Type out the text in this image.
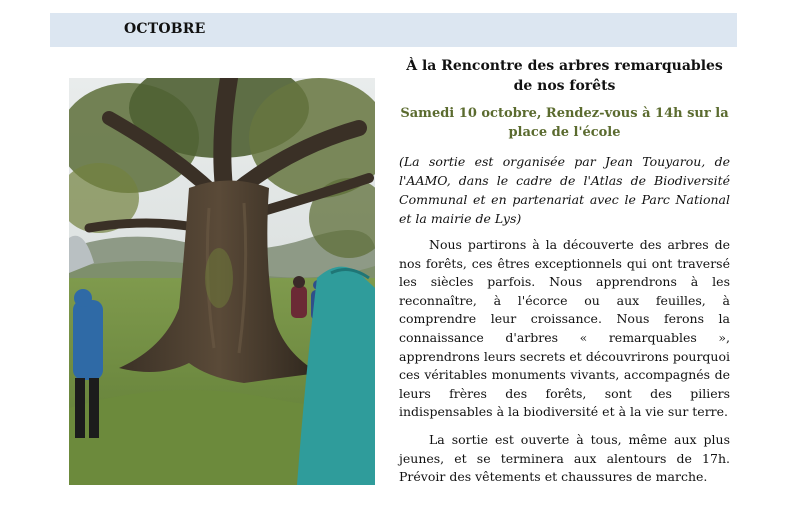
OCTOBRE
À la Rencontre des arbres remarquables de nos forêts

Samedi 10 octobre, Rendez-vous à 14h sur la place de l'école

(La sortie est organisée par Jean Touyarou, de l'AAMO, dans le cadre de l'Atlas de Biodiversité Communal et en partenariat avec le Parc National et la mairie de Lys)

Nous partirons à la découverte des arbres de nos forêts, ces êtres exceptionnels qui ont traversé les siècles parfois. Nous apprendrons à les reconnaître, à l'écorce ou aux feuilles, à comprendre leur croissance. Nous ferons la connaissance d'arbres « remarquables », apprendrons leurs secrets et découvrirons pourquoi ces véritables monuments vivants, accompagnés de leurs frères des forêts, sont des piliers indispensables à la biodiversité et à la vie sur terre.

La sortie est ouverte à tous, même aux plus jeunes, et se terminera aux alentours de 17h. Prévoir des vêtements et chaussures de marche.
